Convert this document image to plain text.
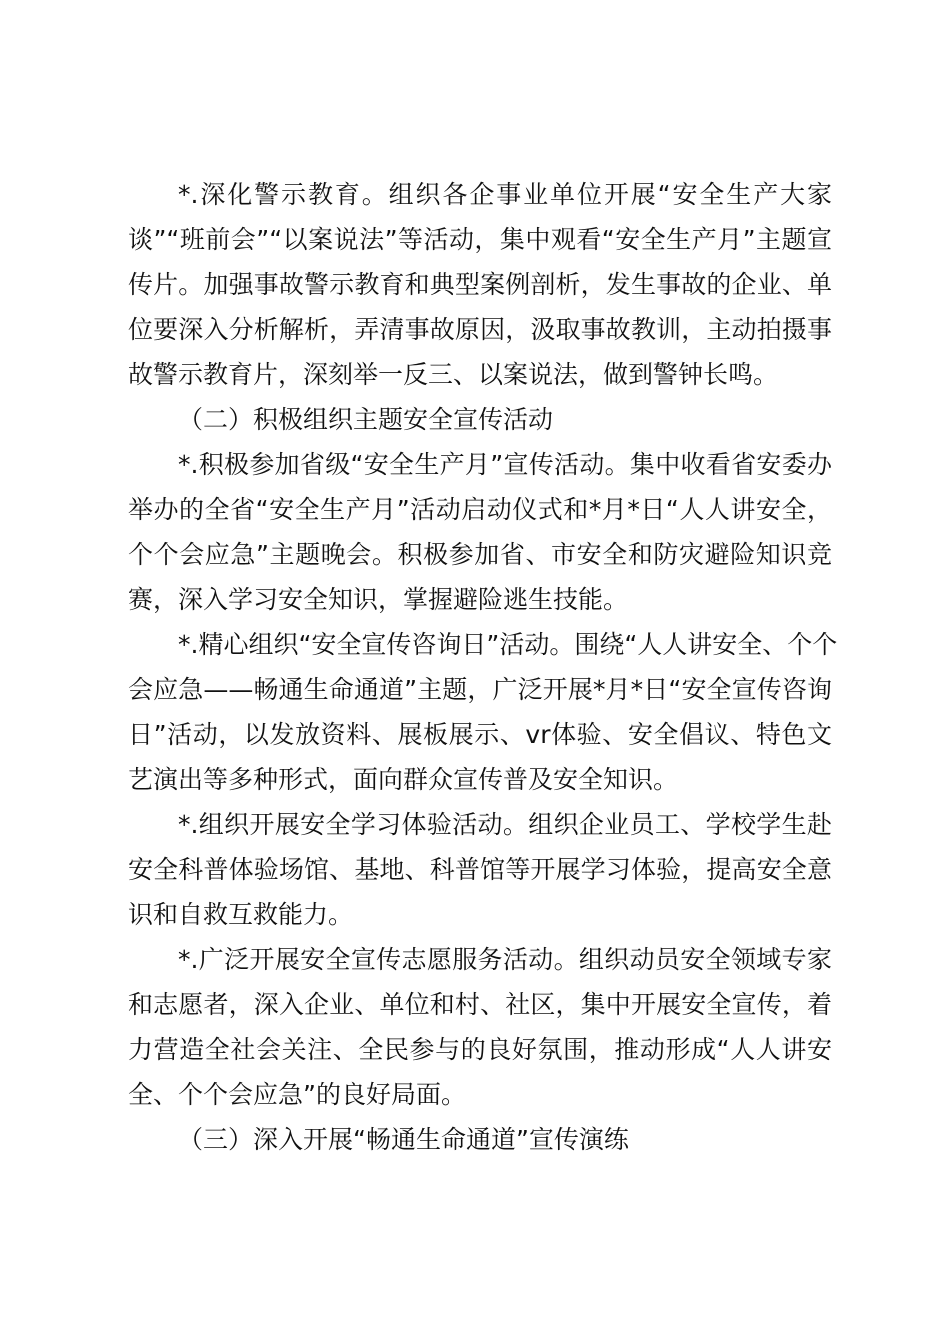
*.深化警示教育。组织各企事业单位开展“安全生产大家
谈”“班前会”“以案说法”等活动，集中观看“安全生产月”主题宣
传片。加强事故警示教育和典型案例剖析，发生事故的企业、单
位要深入分析解析，弄清事故原因，汲取事故教训，主动拍摄事
故警示教育片，深刻举一反三、以案说法，做到警钟长鸣。
（二）积极组织主题安全宣传活动
*.积极参加省级“安全生产月”宣传活动。集中收看省安委办
举办的全省“安全生产月”活动启动仪式和*月*日“人人讲安全，
个个会应急”主题晚会。积极参加省、市安全和防灾避险知识竞
赛，深入学习安全知识，掌握避险逃生技能。
*.精心组织“安全宣传咨询日”活动。围绕“人人讲安全、个个
会应急——畅通生命通道”主题，广泛开展*月*日“安全宣传咨询
日”活动，以发放资料、展板展示、vr体验、安全倡议、特色文
艺演出等多种形式，面向群众宣传普及安全知识。
*.组织开展安全学习体验活动。组织企业员工、学校学生赴
安全科普体验场馆、基地、科普馆等开展学习体验，提高安全意
识和自救互救能力。
*.广泛开展安全宣传志愿服务活动。组织动员安全领域专家
和志愿者，深入企业、单位和村、社区，集中开展安全宣传，着
力营造全社会关注、全民参与的良好氛围，推动形成“人人讲安
全、个个会应急”的良好局面。
（三）深入开展“畅通生命通道”宣传演练
